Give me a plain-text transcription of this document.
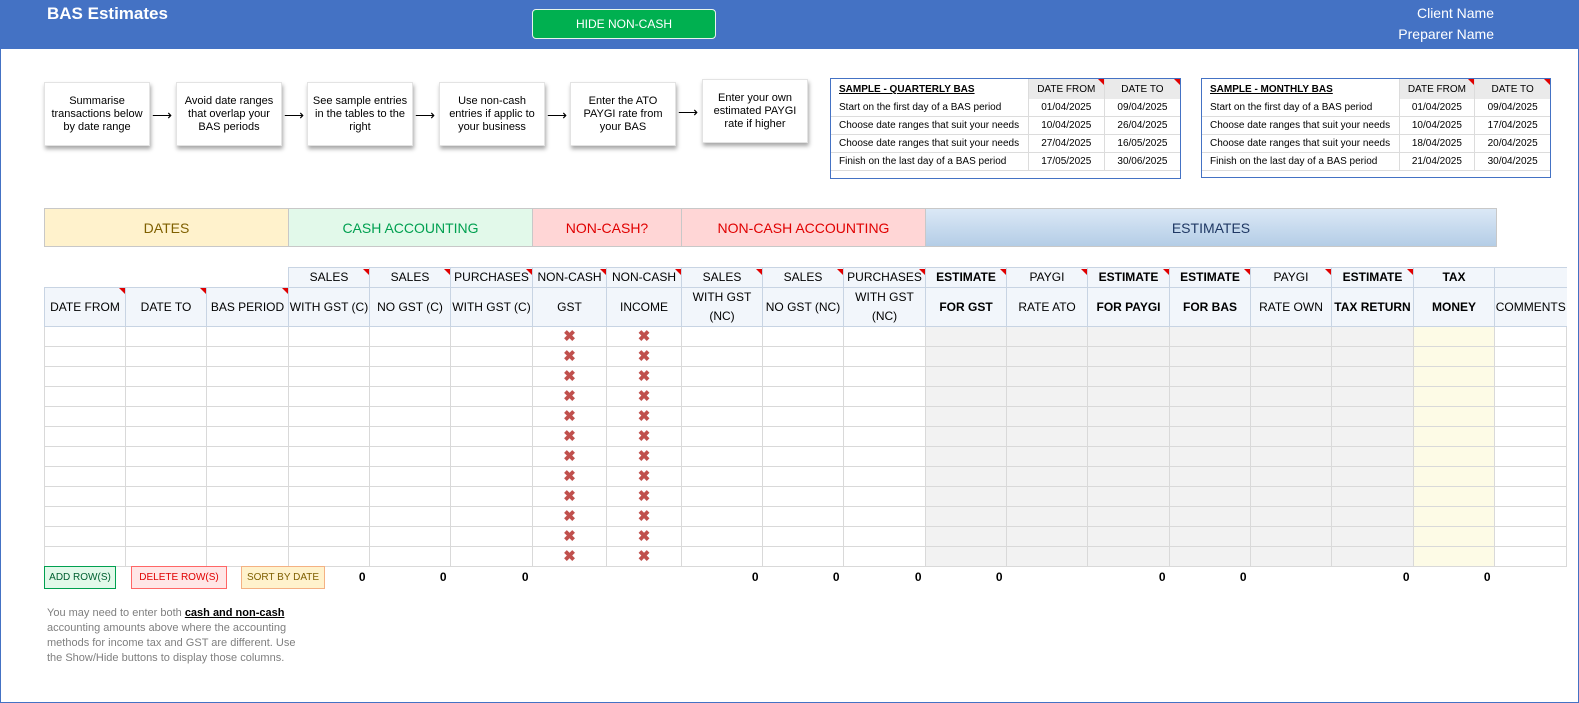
BAS Estimates
HIDE NON-CASH
Client Name
Preparer Name
Summarise transactions below by date range
⟶
Avoid date ranges that overlap your BAS periods
⟶
See sample entries in the tables to the right
⟶
Use non-cash entries if applic to your business
⟶
Enter the ATO PAYGI rate from your BAS
⟶
Enter your own estimated PAYGI rate if higher
SAMPLE - QUARTERLY BAS	DATE FROM	DATE TO

Start on the first day of a BAS period	01/04/2025	09/04/2025
Choose date ranges that suit your needs	10/04/2025	26/04/2025
Choose date ranges that suit your needs	27/04/2025	16/05/2025
Finish on the last day of a BAS period	17/05/2025	30/06/2025
SAMPLE - MONTHLY BAS	DATE FROM	DATE TO

Start on the first day of a BAS period	01/04/2025	09/04/2025
Choose date ranges that suit your needs	10/04/2025	17/04/2025
Choose date ranges that suit your needs	18/04/2025	20/04/2025
Finish on the last day of a BAS period	21/04/2025	30/04/2025
DATES	CASH ACCOUNTING	NON-CASH?	NON-CASH ACCOUNTING	ESTIMATES
			SALES	SALES	PURCHASES	NON-CASH	NON-CASH	SALES	SALES	PURCHASES	ESTIMATE	PAYGI	ESTIMATE	ESTIMATE	PAYGI	ESTIMATE	TAX	
DATE FROM	DATE TO	BAS PERIOD	WITH GST (C)	NO GST (C)	WITH GST (C)	GST	INCOME	WITH GST (NC)	NO GST (NC)	WITH GST (NC)	FOR GST	RATE ATO	FOR PAYGI	FOR BAS	RATE OWN	TAX RETURN	MONEY	COMMENTS
						✖	✖											
						✖	✖											
						✖	✖											
						✖	✖											
						✖	✖											
						✖	✖											
						✖	✖											
						✖	✖											
						✖	✖											
						✖	✖											
						✖	✖											
						✖	✖											
			0	0	0			0	0	0	0		0	0		0	0	
ADD ROW(S)	DELETE ROW(S)	SORT BY DATE
You may need to enter both cash and non-cash accounting amounts above where the accounting methods for income tax and GST are different. Use the Show/Hide buttons to display those columns.
